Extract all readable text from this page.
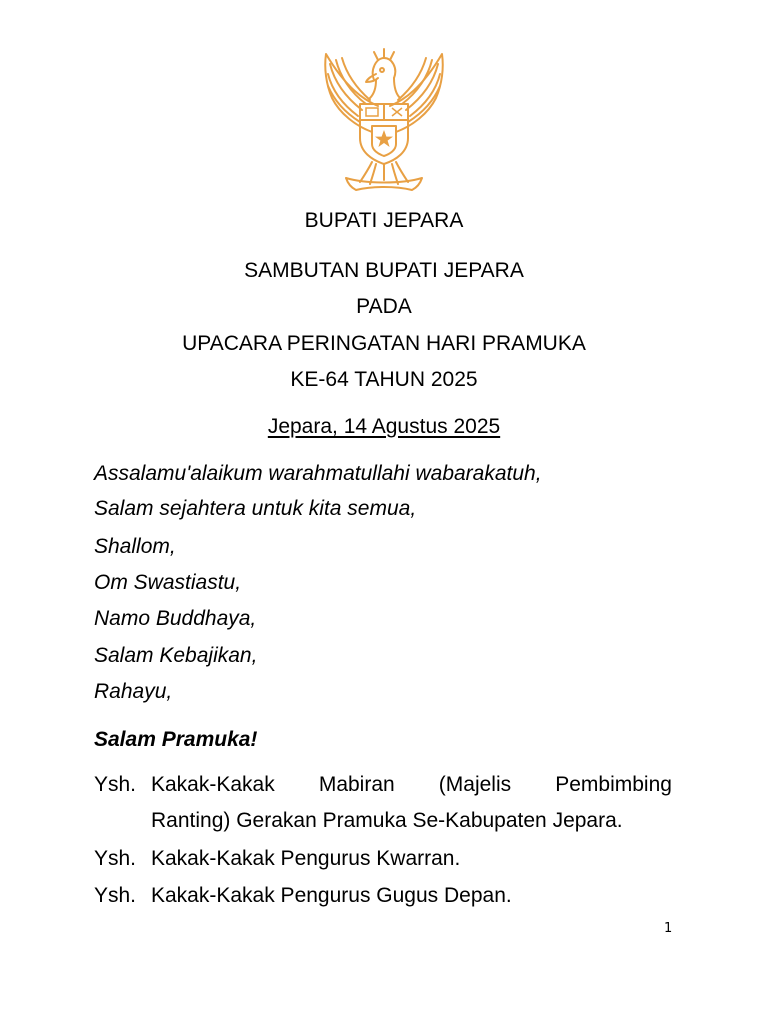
BUPATI JEPARA
SAMBUTAN BUPATI JEPARA
PADA
UPACARA PERINGATAN HARI PRAMUKA
KE-64 TAHUN 2025
Jepara, 14 Agustus 2025
Assalamu'alaikum warahmatullahi wabarakatuh,
Salam sejahtera untuk kita semua,
Shallom,
Om Swastiastu,
Namo Buddhaya,
Salam Kebajikan,
Rahayu,
Salam Pramuka!
Ysh. Kakak-Kakak Mabiran (Majelis Pembimbing
Ranting) Gerakan Pramuka Se-Kabupaten Jepara.
Ysh. Kakak-Kakak Pengurus Kwarran.
Ysh. Kakak-Kakak Pengurus Gugus Depan.
1
